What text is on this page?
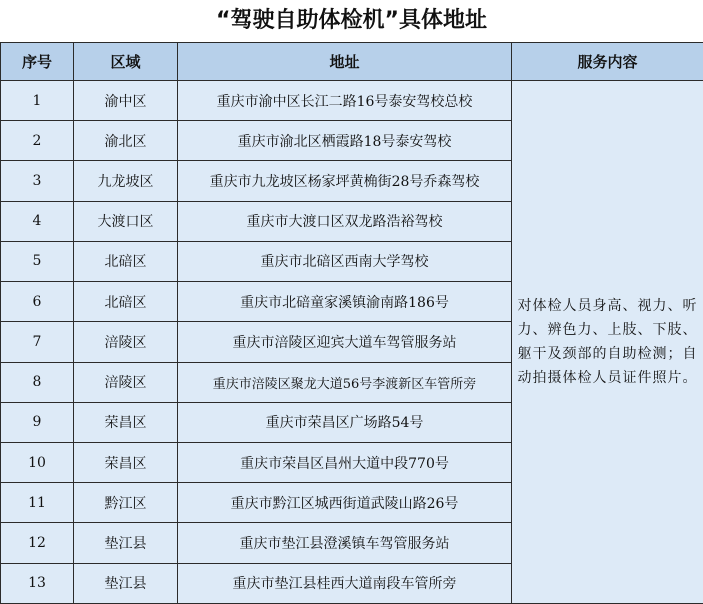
“驾驶自助体检机”具体地址
序号	区域	地址	服务内容
1	渝中区	重庆市渝中区长江二路16号泰安驾校总校	对体检人员身高、视力、听力、辨色力、上肢、下肢、躯干及颈部的自助检测；自动拍摄体检人员证件照片。
2	渝北区	重庆市渝北区栖霞路18号泰安驾校	
3	九龙坡区	重庆市九龙坡区杨家坪黄桷街28号乔森驾校	
4	大渡口区	重庆市大渡口区双龙路浩裕驾校	
5	北碚区	重庆市北碚区西南大学驾校	
6	北碚区	重庆市北碚童家溪镇渝南路186号	
7	涪陵区	重庆市涪陵区迎宾大道车驾管服务站	
8	涪陵区	重庆市涪陵区聚龙大道56号李渡新区车管所旁	
9	荣昌区	重庆市荣昌区广场路54号	
10	荣昌区	重庆市荣昌区昌州大道中段770号	
11	黔江区	重庆市黔江区城西街道武陵山路26号	
12	垫江县	重庆市垫江县澄溪镇车驾管服务站	
13	垫江县	重庆市垫江县桂西大道南段车管所旁	
